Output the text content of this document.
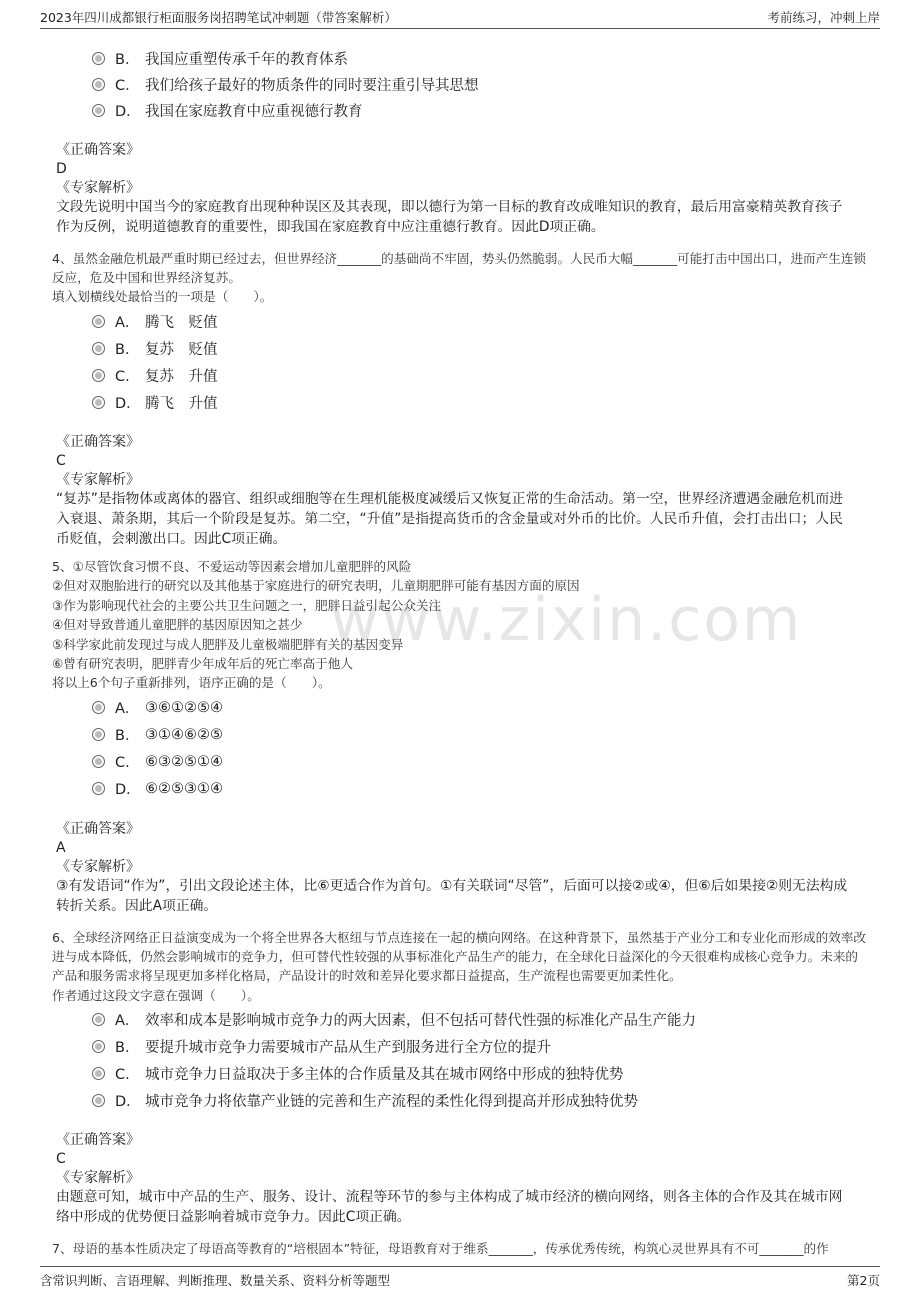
2023年四川成都银行柜面服务岗招聘笔试冲刺题（带答案解析）	考前练习，冲刺上岸
www.zixin.com
B． 我国应重塑传承千年的教育体系
C． 我们给孩子最好的物质条件的同时要注重引导其思想
D． 我国在家庭教育中应重视德行教育
《正确答案》
D
《专家解析》
文段先说明中国当今的家庭教育出现种种误区及其表现，即以德行为第一目标的教育改成唯知识的教育，最后用富豪精英教育孩子作为反例，说明道德教育的重要性，即我国在家庭教育中应注重德行教育。因此D项正确。
4、虽然金融危机最严重时期已经过去，但世界经济_______的基础尚不牢固，势头仍然脆弱。人民币大幅_______可能打击中国出口，进而产生连锁反应，危及中国和世界经济复苏。
填入划横线处最恰当的一项是（　　）。
A． 腾飞　贬值
B． 复苏　贬值
C． 复苏　升值
D． 腾飞　升值
《正确答案》
C
《专家解析》
“复苏”是指物体或离体的器官、组织或细胞等在生理机能极度减缓后又恢复正常的生命活动。第一空，世界经济遭遇金融危机而进入衰退、萧条期，其后一个阶段是复苏。第二空，“升值”是指提高货币的含金量或对外币的比价。人民币升值，会打击出口；人民币贬值，会刺激出口。因此C项正确。
5、①尽管饮食习惯不良、不爱运动等因素会增加儿童肥胖的风险
②但对双胞胎进行的研究以及其他基于家庭进行的研究表明，儿童期肥胖可能有基因方面的原因
③作为影响现代社会的主要公共卫生问题之一，肥胖日益引起公众关注
④但对导致普通儿童肥胖的基因原因知之甚少
⑤科学家此前发现过与成人肥胖及儿童极端肥胖有关的基因变异
⑥曾有研究表明，肥胖青少年成年后的死亡率高于他人
将以上6个句子重新排列，语序正确的是（　　）。
A． ③⑥①②⑤④
B． ③①④⑥②⑤
C． ⑥③②⑤①④
D． ⑥②⑤③①④
《正确答案》
A
《专家解析》
③有发语词“作为”，引出文段论述主体，比⑥更适合作为首句。①有关联词“尽管”，后面可以接②或④，但⑥后如果接②则无法构成转折关系。因此A项正确。
6、全球经济网络正日益演变成为一个将全世界各大枢纽与节点连接在一起的横向网络。在这种背景下，虽然基于产业分工和专业化而形成的效率改进与成本降低，仍然会影响城市的竞争力，但可替代性较强的从事标准化产品生产的能力，在全球化日益深化的今天很难构成核心竞争力。未来的产品和服务需求将呈现更加多样化格局，产品设计的时效和差异化要求都日益提高，生产流程也需要更加柔性化。
作者通过这段文字意在强调（　　）。
A． 效率和成本是影响城市竞争力的两大因素，但不包括可替代性强的标准化产品生产能力
B． 要提升城市竞争力需要城市产品从生产到服务进行全方位的提升
C． 城市竞争力日益取决于多主体的合作质量及其在城市网络中形成的独特优势
D． 城市竞争力将依靠产业链的完善和生产流程的柔性化得到提高并形成独特优势
《正确答案》
C
《专家解析》
由题意可知，城市中产品的生产、服务、设计、流程等环节的参与主体构成了城市经济的横向网络，则各主体的合作及其在城市网络中形成的优势便日益影响着城市竞争力。因此C项正确。
7、母语的基本性质决定了母语高等教育的“培根固本”特征，母语教育对于维系_______，传承优秀传统，构筑心灵世界具有不可_______的作
含常识判断、言语理解、判断推理、数量关系、资料分析等题型	第2页
